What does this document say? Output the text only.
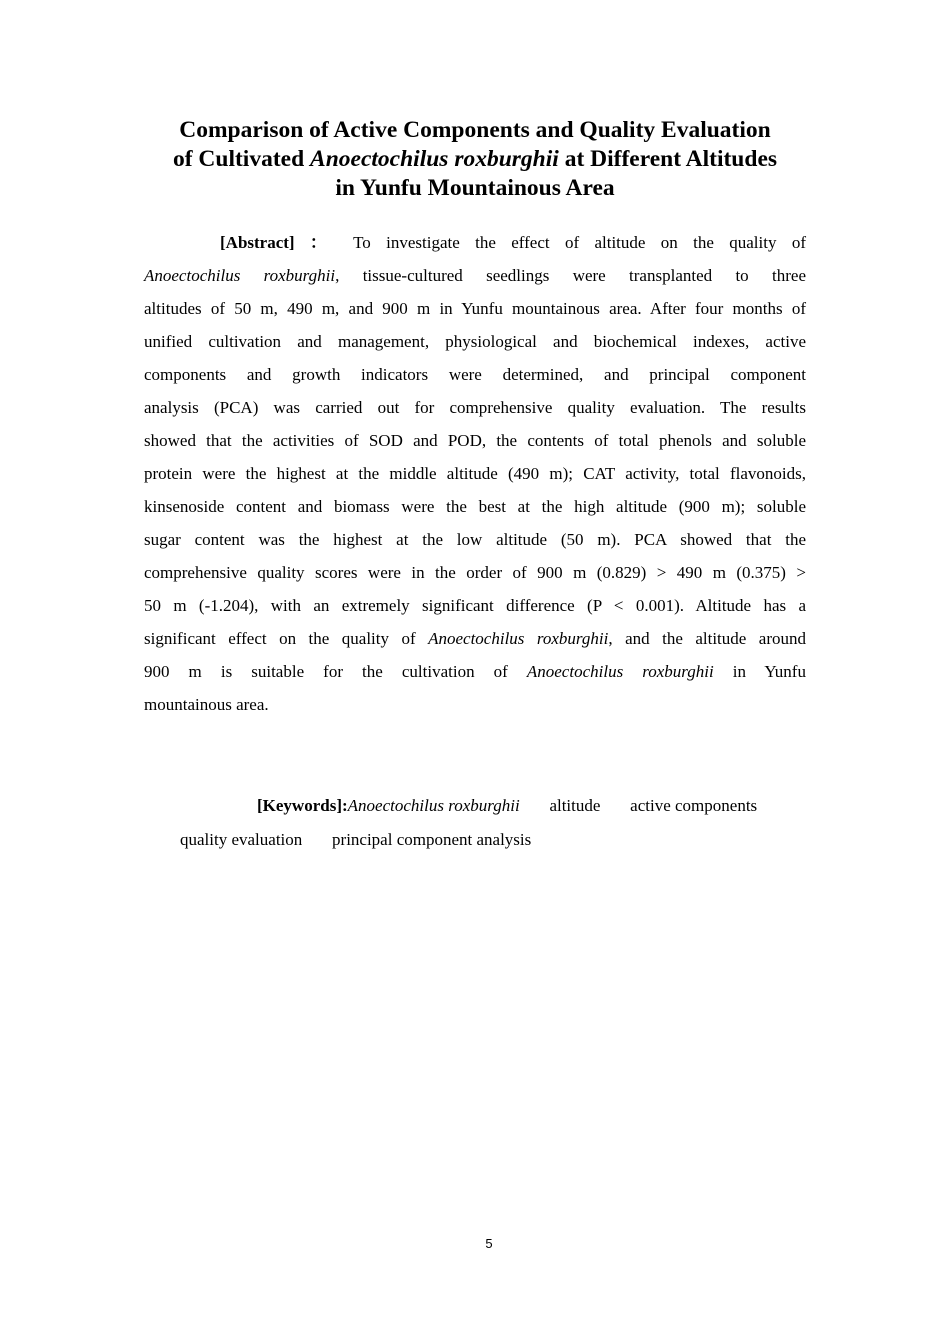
Comparison of Active Components and Quality Evaluation
of Cultivated Anoectochilus roxburghii at Different Altitudes
in Yunfu Mountainous Area
[Abstract] ： To investigate the effect of altitude on the quality of
Anoectochilus roxburghii, tissue-cultured seedlings were transplanted to three
altitudes of 50 m, 490 m, and 900 m in Yunfu mountainous area. After four months of
unified cultivation and management, physiological and biochemical indexes, active
components and growth indicators were determined, and principal component
analysis (PCA) was carried out for comprehensive quality evaluation. The results
showed that the activities of SOD and POD, the contents of total phenols and soluble
protein were the highest at the middle altitude (490 m); CAT activity, total flavonoids,
kinsenoside content and biomass were the best at the high altitude (900 m); soluble
sugar content was the highest at the low altitude (50 m). PCA showed that the
comprehensive quality scores were in the order of 900 m (0.829) > 490 m (0.375) >
50 m (-1.204), with an extremely significant difference (P < 0.001). Altitude has a
significant effect on the quality of Anoectochilus roxburghii, and the altitude around
900 m is suitable for the cultivation of Anoectochilus roxburghii in Yunfu
mountainous area.
[Keywords]:Anoectochilus roxburghii altitude active components
quality evaluation principal component analysis
5
